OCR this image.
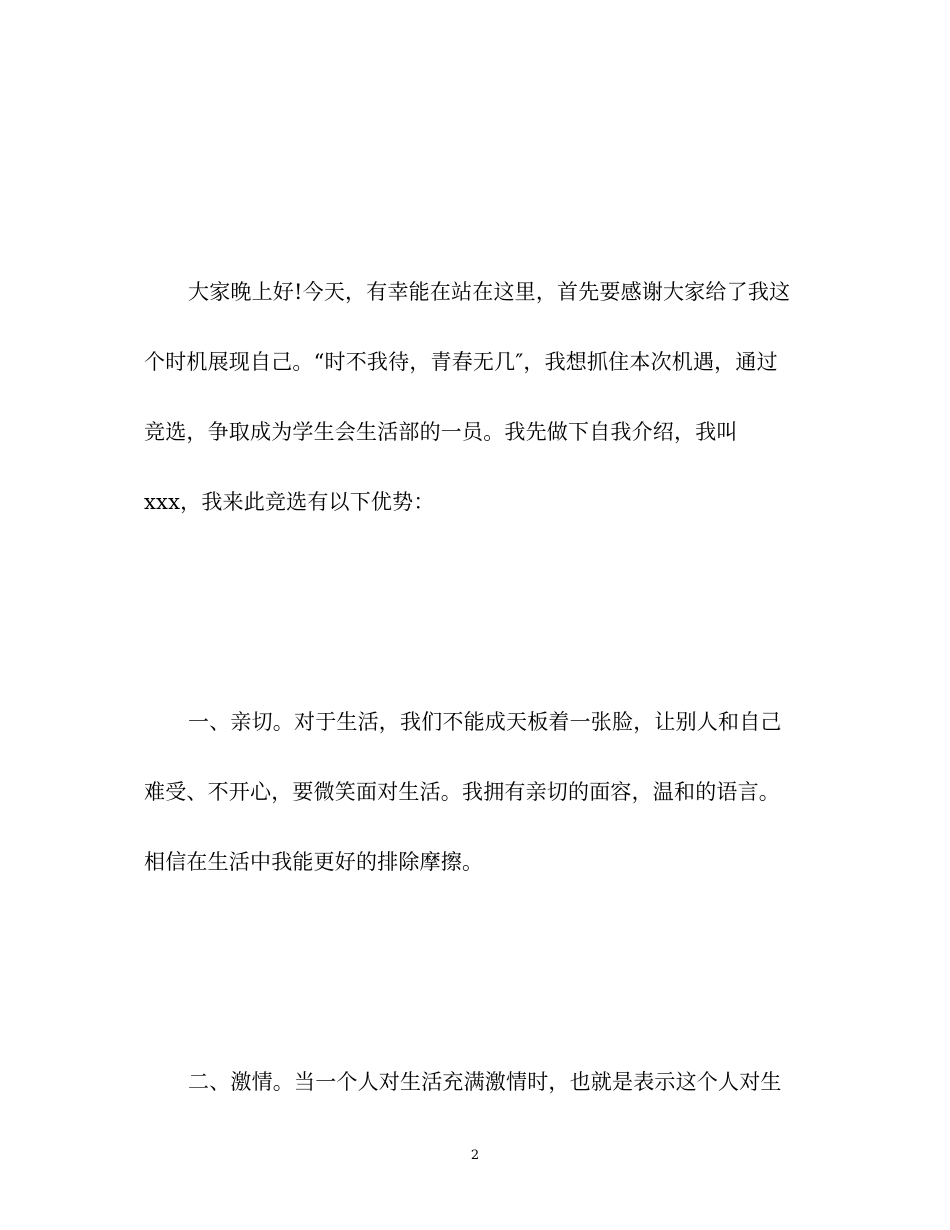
大家晚上好!今天，有幸能在站在这里，首先要感谢大家给了我这
个时机展现自己。“时不我待，青春无几″，我想抓住本次机遇，通过
竞选，争取成为学生会生活部的一员。我先做下自我介绍，我叫
xxx，我来此竞选有以下优势：
一、亲切。对于生活，我们不能成天板着一张脸，让别人和自己
难受、不开心，要微笑面对生活。我拥有亲切的面容，温和的语言。
相信在生活中我能更好的排除摩擦。
二、激情。当一个人对生活充满激情时，也就是表示这个人对生
2
